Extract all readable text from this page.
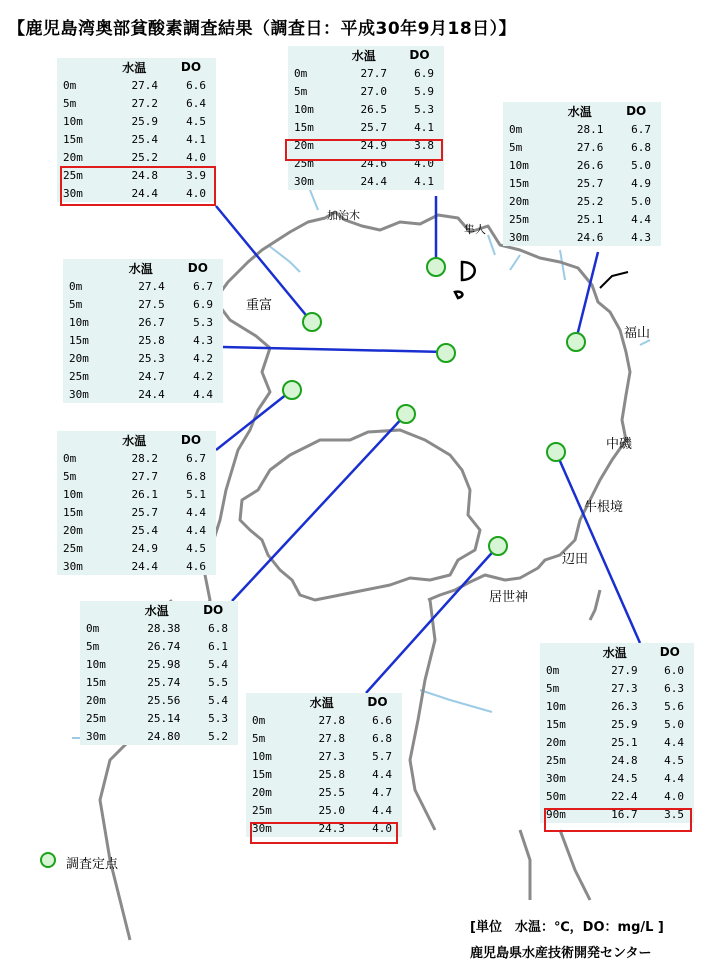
【鹿児島湾奥部貧酸素調査結果（調査日：平成30年9月18日）】
加治木
隼人
重富
福山
中磯
牛根境
辺田
居世神
	水温	DO
0m	27.4	6.6
5m	27.2	6.4
10m	25.9	4.5
15m	25.4	4.1
20m	25.2	4.0
25m	24.8	3.9
30m	24.4	4.0
	水温	DO
0m	27.7	6.9
5m	27.0	5.9
10m	26.5	5.3
15m	25.7	4.1
20m	24.9	3.8
25m	24.6	4.0
30m	24.4	4.1
	水温	DO
0m	28.1	6.7
5m	27.6	6.8
10m	26.6	5.0
15m	25.7	4.9
20m	25.2	5.0
25m	25.1	4.4
30m	24.6	4.3
	水温	DO
0m	27.4	6.7
5m	27.5	6.9
10m	26.7	5.3
15m	25.8	4.3
20m	25.3	4.2
25m	24.7	4.2
30m	24.4	4.4
	水温	DO
0m	28.2	6.7
5m	27.7	6.8
10m	26.1	5.1
15m	25.7	4.4
20m	25.4	4.4
25m	24.9	4.5
30m	24.4	4.6
	水温	DO
0m	28.38	6.8
5m	26.74	6.1
10m	25.98	5.4
15m	25.74	5.5
20m	25.56	5.4
25m	25.14	5.3
30m	24.80	5.2
	水温	DO
0m	27.8	6.6
5m	27.8	6.8
10m	27.3	5.7
15m	25.8	4.4
20m	25.5	4.7
25m	25.0	4.4
30m	24.3	4.0
	水温	DO
0m	27.9	6.0
5m	27.3	6.3
10m	26.3	5.6
15m	25.9	5.0
20m	25.1	4.4
25m	24.8	4.5
30m	24.5	4.4
50m	22.4	4.0
90m	16.7	3.5
調査定点
[単位　水温：℃，DO：mg/L ]
鹿児島県水産技術開発センター
